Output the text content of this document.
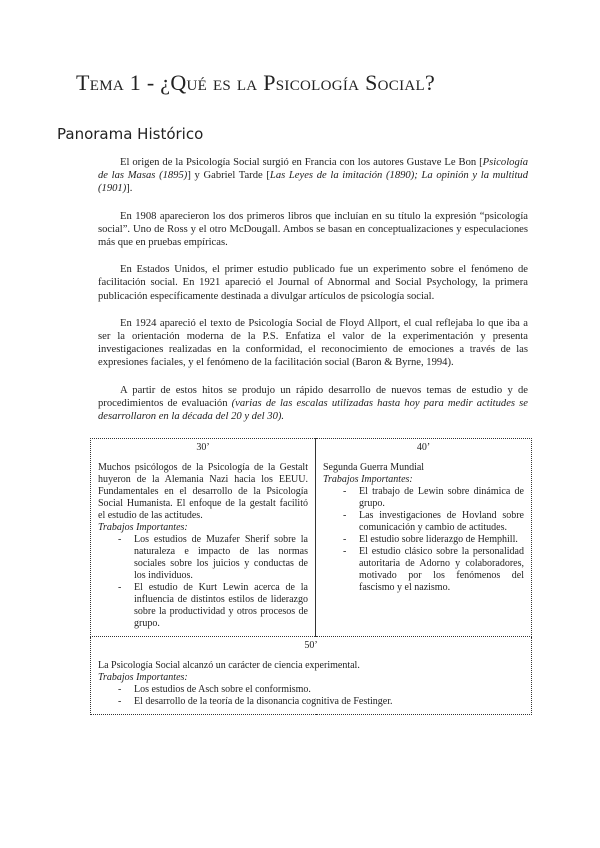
Tema 1 - ¿Qué es la Psicología Social?
Panorama Histórico

El origen de la Psicología Social surgió en Francia con los autores Gustave Le Bon [Psicología de las Masas (1895)] y Gabriel Tarde [Las Leyes de la imitación (1890); La opinión y la multitud (1901)].

En 1908 aparecieron los dos primeros libros que incluían en su título la expresión “psicología social”. Uno de Ross y el otro McDougall. Ambos se basan en conceptualizaciones y especulaciones más que en pruebas empíricas.

En Estados Unidos, el primer estudio publicado fue un experimento sobre el fenómeno de facilitación social. En 1921 apareció el Journal of Abnormal and Social Psychology, la primera publicación específicamente destinada a divulgar artículos de psicología social.

En 1924 apareció el texto de Psicología Social de Floyd Allport, el cual reflejaba lo que iba a ser la orientación moderna de la P.S. Enfatiza el valor de la experimentación y presenta investigaciones realizadas en la conformidad, el reconocimiento de emociones a través de las expresiones faciales, y el fenómeno de la facilitación social (Baron & Byrne, 1994).

A partir de estos hitos se produjo un rápido desarrollo de nuevos temas de estudio y de procedimientos de evaluación (varias de las escalas utilizadas hasta hoy para medir actitudes se desarrollaron en la década del 20 y del 30).

30’
Muchos psicólogos de la Psicología de la Gestalt huyeron de la Alemania Nazi hacia los EEUU. Fundamentales en el desarrollo de la Psicología Social Humanista. El enfoque de la gestalt facilitó el estudio de las actitudes.
Trabajos Importantes:
- Los estudios de Muzafer Sherif sobre la naturaleza e impacto de las normas sociales sobre los juicios y conductas de los individuos.
- El estudio de Kurt Lewin acerca de la influencia de distintos estilos de liderazgo sobre la productividad y otros procesos de grupo.

40’
Segunda Guerra Mundial
Trabajos Importantes:
- El trabajo de Lewin sobre dinámica de grupo.
- Las investigaciones de Hovland sobre comunicación y cambio de actitudes.
- El estudio sobre liderazgo de Hemphill.
- El estudio clásico sobre la personalidad autoritaria de Adorno y colaboradores, motivado por los fenómenos del fascismo y el nazismo.

50’
La Psicología Social alcanzó un carácter de ciencia experimental.
Trabajos Importantes:
- Los estudios de Asch sobre el conformismo.
- El desarrollo de la teoría de la disonancia cognitiva de Festinger.
